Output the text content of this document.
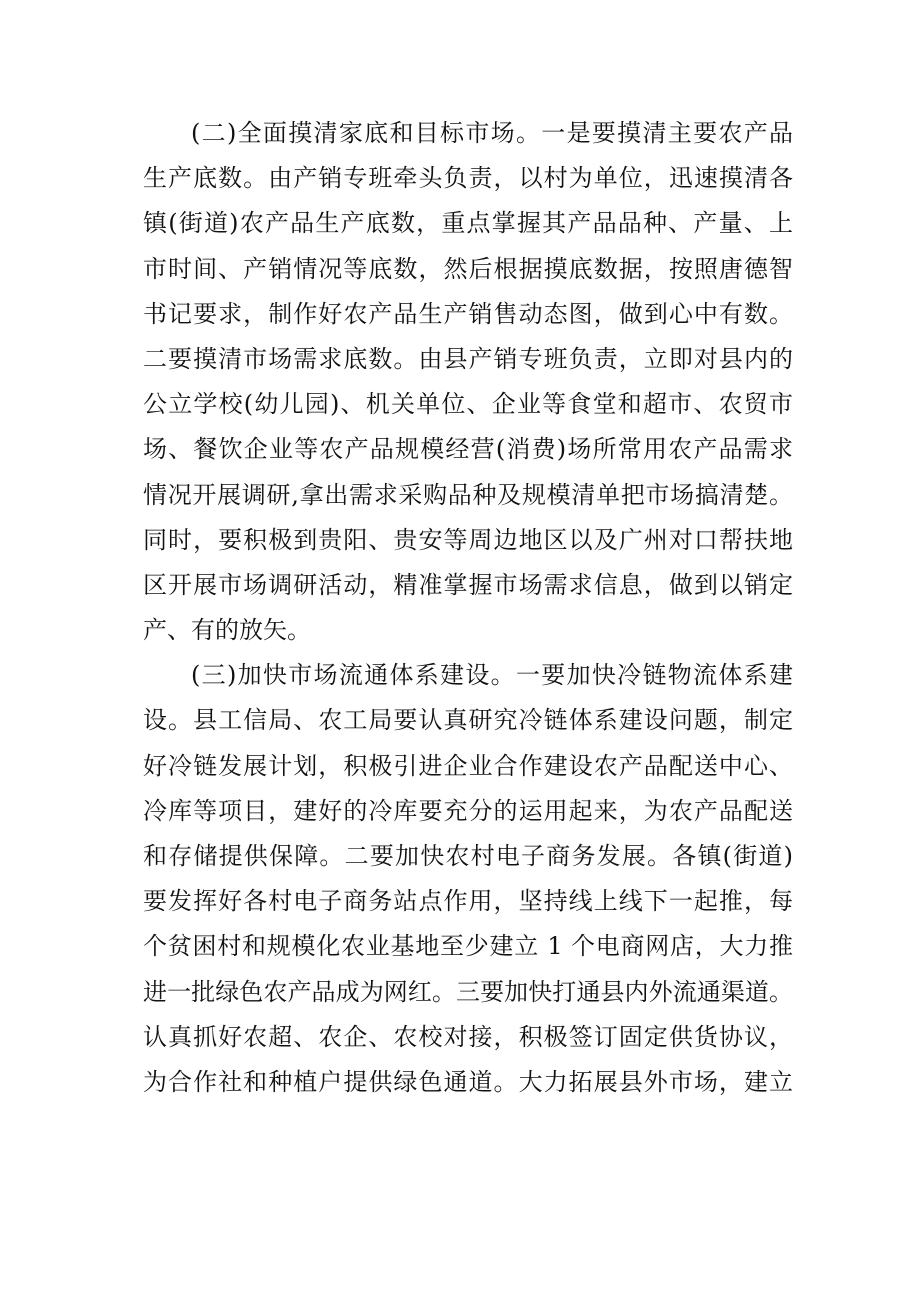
(二)全面摸清家底和目标市场。一是要摸清主要农产品
生产底数。由产销专班牵头负责，以村为单位，迅速摸清各
镇(街道)农产品生产底数，重点掌握其产品品种、产量、上
市时间、产销情况等底数，然后根据摸底数据，按照唐德智
书记要求，制作好农产品生产销售动态图，做到心中有数。
二要摸清市场需求底数。由县产销专班负责，立即对县内的
公立学校(幼儿园)、机关单位、企业等食堂和超市、农贸市
场、餐饮企业等农产品规模经营(消费)场所常用农产品需求
情况开展调研,拿出需求采购品种及规模清单把市场搞清楚。
同时，要积极到贵阳、贵安等周边地区以及广州对口帮扶地
区开展市场调研活动，精准掌握市场需求信息，做到以销定
产、有的放矢。
(三)加快市场流通体系建设。一要加快冷链物流体系建
设。县工信局、农工局要认真研究冷链体系建设问题，制定
好冷链发展计划，积极引进企业合作建设农产品配送中心、
冷库等项目，建好的冷库要充分的运用起来，为农产品配送
和存储提供保障。二要加快农村电子商务发展。各镇(街道)
要发挥好各村电子商务站点作用，坚持线上线下一起推，每
个贫困村和规模化农业基地至少建立 1 个电商网店，大力推
进一批绿色农产品成为网红。三要加快打通县内外流通渠道。
认真抓好农超、农企、农校对接，积极签订固定供货协议，
为合作社和种植户提供绿色通道。大力拓展县外市场，建立
